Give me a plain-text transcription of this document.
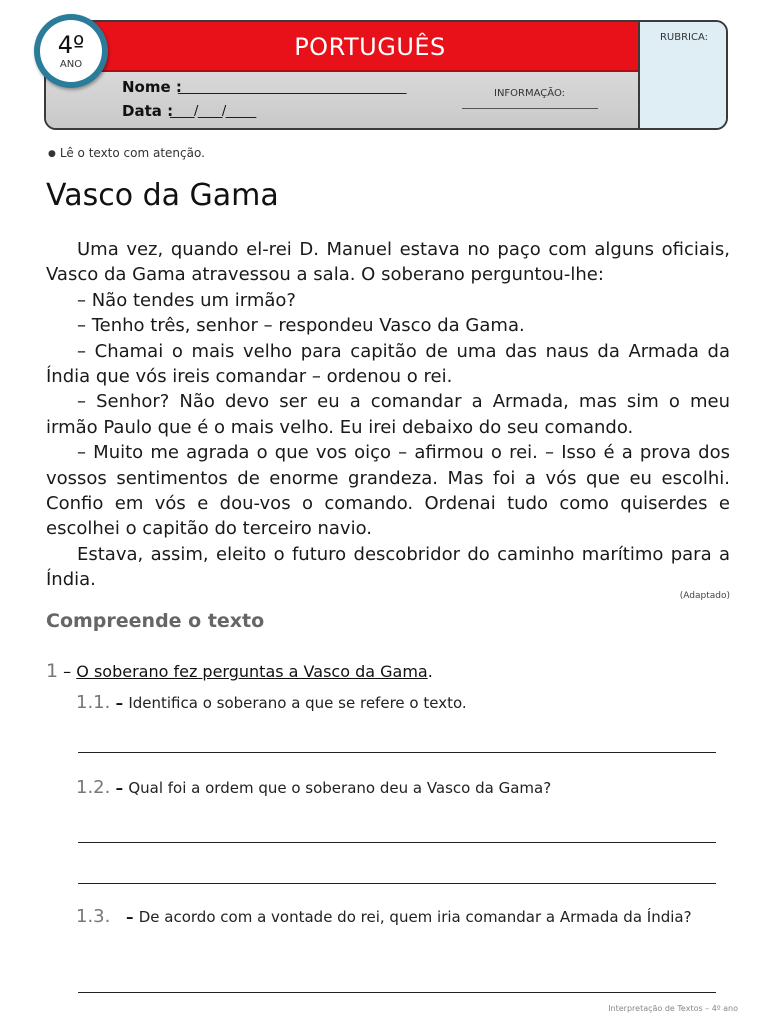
PORTUGUÊS
Nome :
______________________________________
Data :
____/____/_____
INFORMAÇÃO:
RUBRICA:
4º
ANO
● Lê o texto com atenção.
Vasco da Gama

Uma vez, quando el-rei D. Manuel estava no paço com alguns oficiais, Vasco da Gama atravessou a sala. O soberano perguntou-lhe:

– Não tendes um irmão?

– Tenho três, senhor – respondeu Vasco da Gama.

– Chamai o mais velho para capitão de uma das naus da Armada da Índia que vós ireis comandar – ordenou o rei.

– Senhor? Não devo ser eu a comandar a Armada, mas sim o meu irmão Paulo que é o mais velho. Eu irei debaixo do seu comando.

– Muito me agrada o que vos oiço – afirmou o rei. – Isso é a prova dos vossos sentimentos de enorme grandeza. Mas foi a vós que eu escolhi. Confio em vós e dou-vos o comando. Ordenai tudo como quiserdes e escolhei o capitão do terceiro navio.

Estava, assim, eleito o futuro descobridor do caminho marítimo para a Índia.

(Adaptado)
Compreende o texto
1 – O soberano fez perguntas a Vasco da Gama.
1.1. – Identifica o soberano a que se refere o texto.
1.2. – Qual foi a ordem que o soberano deu a Vasco da Gama?
1.3. – De acordo com a vontade do rei, quem iria comandar a Armada da Índia?
Interpretação de Textos – 4º ano
